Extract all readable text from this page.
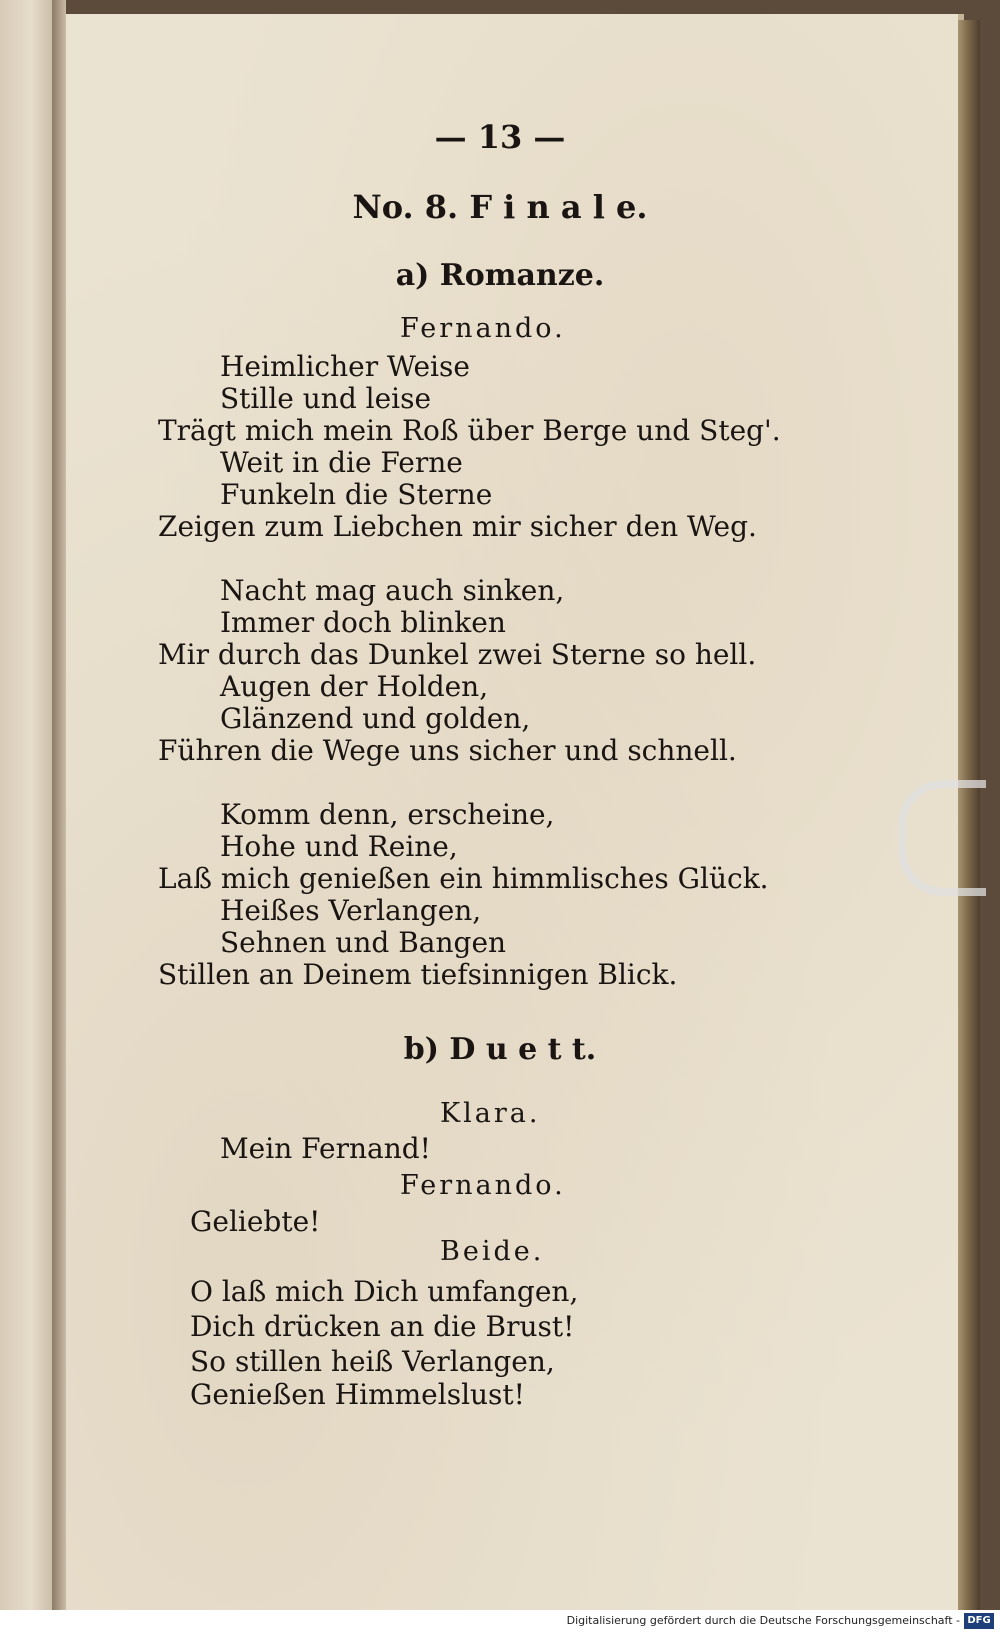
— 13 —
No. 8. F i n a l e.
a) Romanze.
Fernando.
Heimlicher Weise
Stille und leise
Trägt mich mein Roß über Berge und Steg'.
Weit in die Ferne
Funkeln die Sterne
Zeigen zum Liebchen mir sicher den Weg.
Nacht mag auch sinken,
Immer doch blinken
Mir durch das Dunkel zwei Sterne so hell.
Augen der Holden,
Glänzend und golden,
Führen die Wege uns sicher und schnell.
Komm denn, erscheine,
Hohe und Reine,
Laß mich genießen ein himmlisches Glück.
Heißes Verlangen,
Sehnen und Bangen
Stillen an Deinem tiefsinnigen Blick.
b) D u e t t.
Klara.
Mein Fernand!
Fernando.
Geliebte!
Beide.
O laß mich Dich umfangen,
Dich drücken an die Brust!
So stillen heiß Verlangen,
Genießen Himmelslust!
Digitalisierung gefördert durch die Deutsche Forschungsgemeinschaft - DFG
